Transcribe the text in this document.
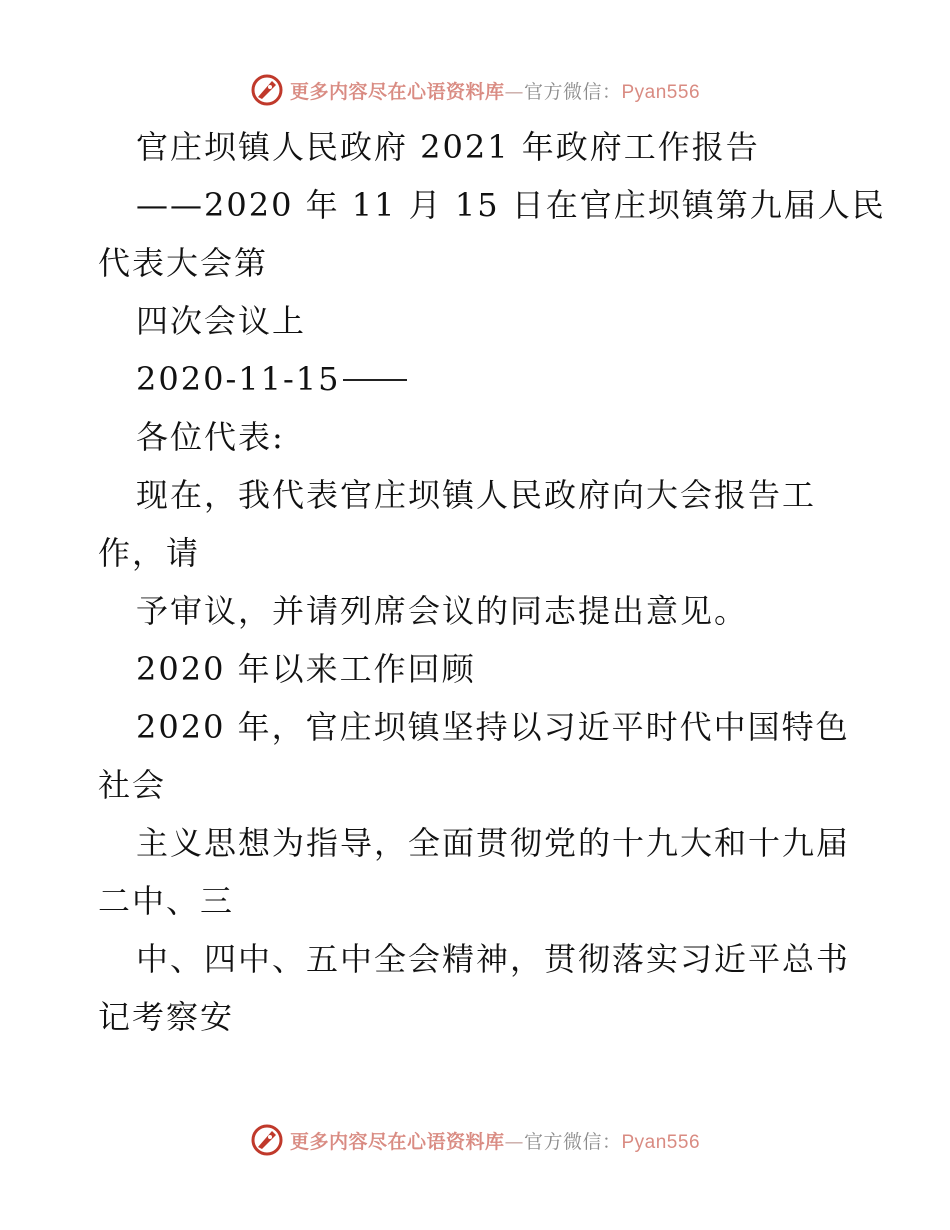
更多内容尽在心语资料库—官方微信：Pyan556
官庄坝镇人民政府 2021 年政府工作报告
——2020 年 11 月 15 日在官庄坝镇第九届人民
代表大会第
四次会议上
2020-11-15
各位代表:
现在，我代表官庄坝镇人民政府向大会报告工
作，请
予审议，并请列席会议的同志提出意见。
2020 年以来工作回顾
2020 年，官庄坝镇坚持以习近平时代中国特色
社会
主义思想为指导，全面贯彻党的十九大和十九届
二中、三
中、四中、五中全会精神，贯彻落实习近平总书
记考察安
更多内容尽在心语资料库—官方微信：Pyan556
